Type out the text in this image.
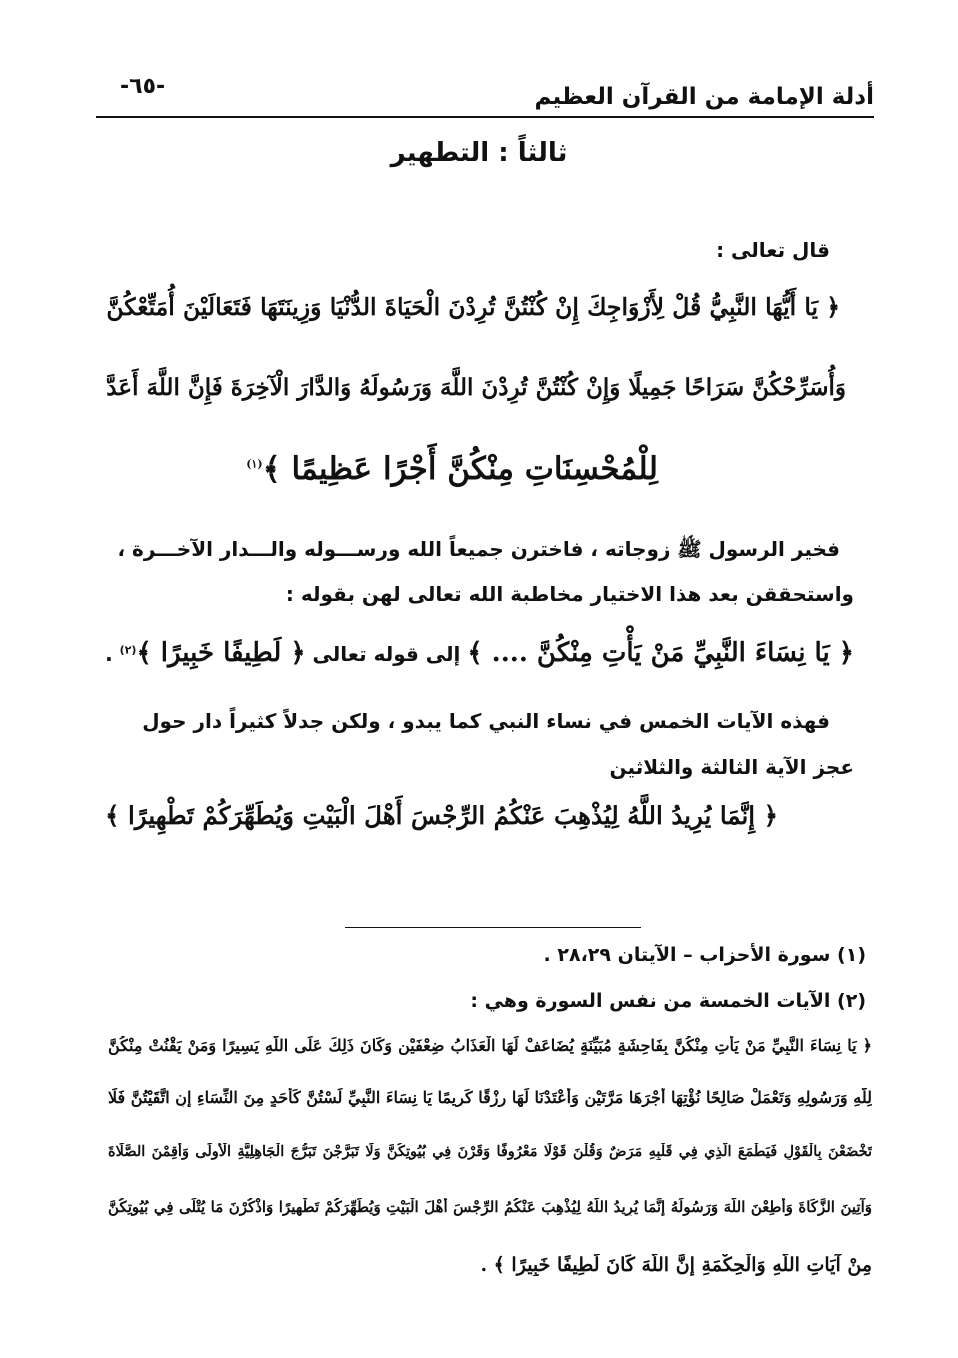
أدلة الإمامة من القرآن العظيم
-٦٥-
ثالثاً : التطهير
قال تعالى :
﴿ يَا أَيُّهَا النَّبِيُّ قُلْ لِأَزْوَاجِكَ إِنْ كُنْتُنَّ تُرِدْنَ الْحَيَاةَ الدُّنْيَا وَزِينَتَهَا فَتَعَالَيْنَ أُمَتِّعْكُنَّ
وَأُسَرِّحْكُنَّ سَرَاحًا جَمِيلًا وَإِنْ كُنْتُنَّ تُرِدْنَ اللَّهَ وَرَسُولَهُ وَالدَّارَ الْآخِرَةَ فَإِنَّ اللَّهَ أَعَدَّ
لِلْمُحْسِنَاتِ مِنْكُنَّ أَجْرًا عَظِيمًا ﴾$^{(١)}$
فخير الرسول ﷺ زوجاته ، فاخترن جميعاً الله ورســـوله والـــدار الآخـــرة ،
واستحققن بعد هذا الاختيار مخاطبة الله تعالى لهن بقوله :
﴿ يَا نِسَاءَ النَّبِيِّ مَنْ يَأْتِ مِنْكُنَّ .... ﴾ إلى قوله تعالى ﴿ لَطِيفًا خَبِيرًا ﴾$^{(٢)}$ .
فهذه الآيات الخمس في نساء النبي كما يبدو ، ولكن جدلاً كثيراً دار حول
عجز الآية الثالثة والثلاثين
﴿ إِنَّمَا يُرِيدُ اللَّهُ لِيُذْهِبَ عَنْكُمُ الرِّجْسَ أَهْلَ الْبَيْتِ وَيُطَهِّرَكُمْ تَطْهِيرًا ﴾
(١) سورة الأحزاب – الآيتان ٢٨،٢٩ .
(٢) الآيات الخمسة من نفس السورة وهي :
﴿ يَا نِسَاءَ النَّبِيِّ مَنْ يَأْتِ مِنْكُنَّ بِفَاحِشَةٍ مُبَيِّنَةٍ يُضَاعَفْ لَهَا الْعَذَابُ ضِعْفَيْنِ وَكَانَ ذَلِكَ عَلَى اللَّهِ يَسِيرًا وَمَنْ يَقْنُتْ مِنْكُنَّ
لِلَّهِ وَرَسُولِهِ وَتَعْمَلْ صَالِحًا نُؤْتِهَا أَجْرَهَا مَرَّتَيْنِ وَأَعْتَدْنَا لَهَا رِزْقًا كَرِيمًا يَا نِسَاءَ النَّبِيِّ لَسْتُنَّ كَأَحَدٍ مِنَ النِّسَاءِ إِنِ اتَّقَيْتُنَّ فَلَا
تَخْضَعْنَ بِالْقَوْلِ فَيَطْمَعَ الَّذِي فِي قَلْبِهِ مَرَضٌ وَقُلْنَ قَوْلًا مَعْرُوفًا وَقَرْنَ فِي بُيُوتِكُنَّ وَلَا تَبَرَّجْنَ تَبَرُّجَ الْجَاهِلِيَّةِ الْأُولَى وَأَقِمْنَ الصَّلَاةَ
وَآتِينَ الزَّكَاةَ وَأَطِعْنَ اللَّهَ وَرَسُولَهُ إِنَّمَا يُرِيدُ اللَّهُ لِيُذْهِبَ عَنْكُمُ الرِّجْسَ أَهْلَ الْبَيْتِ وَيُطَهِّرَكُمْ تَطْهِيرًا وَاذْكُرْنَ مَا يُتْلَى فِي بُيُوتِكُنَّ
مِنْ آيَاتِ اللَّهِ وَالْحِكْمَةِ إِنَّ اللَّهَ كَانَ لَطِيفًا خَبِيرًا ﴾ .
